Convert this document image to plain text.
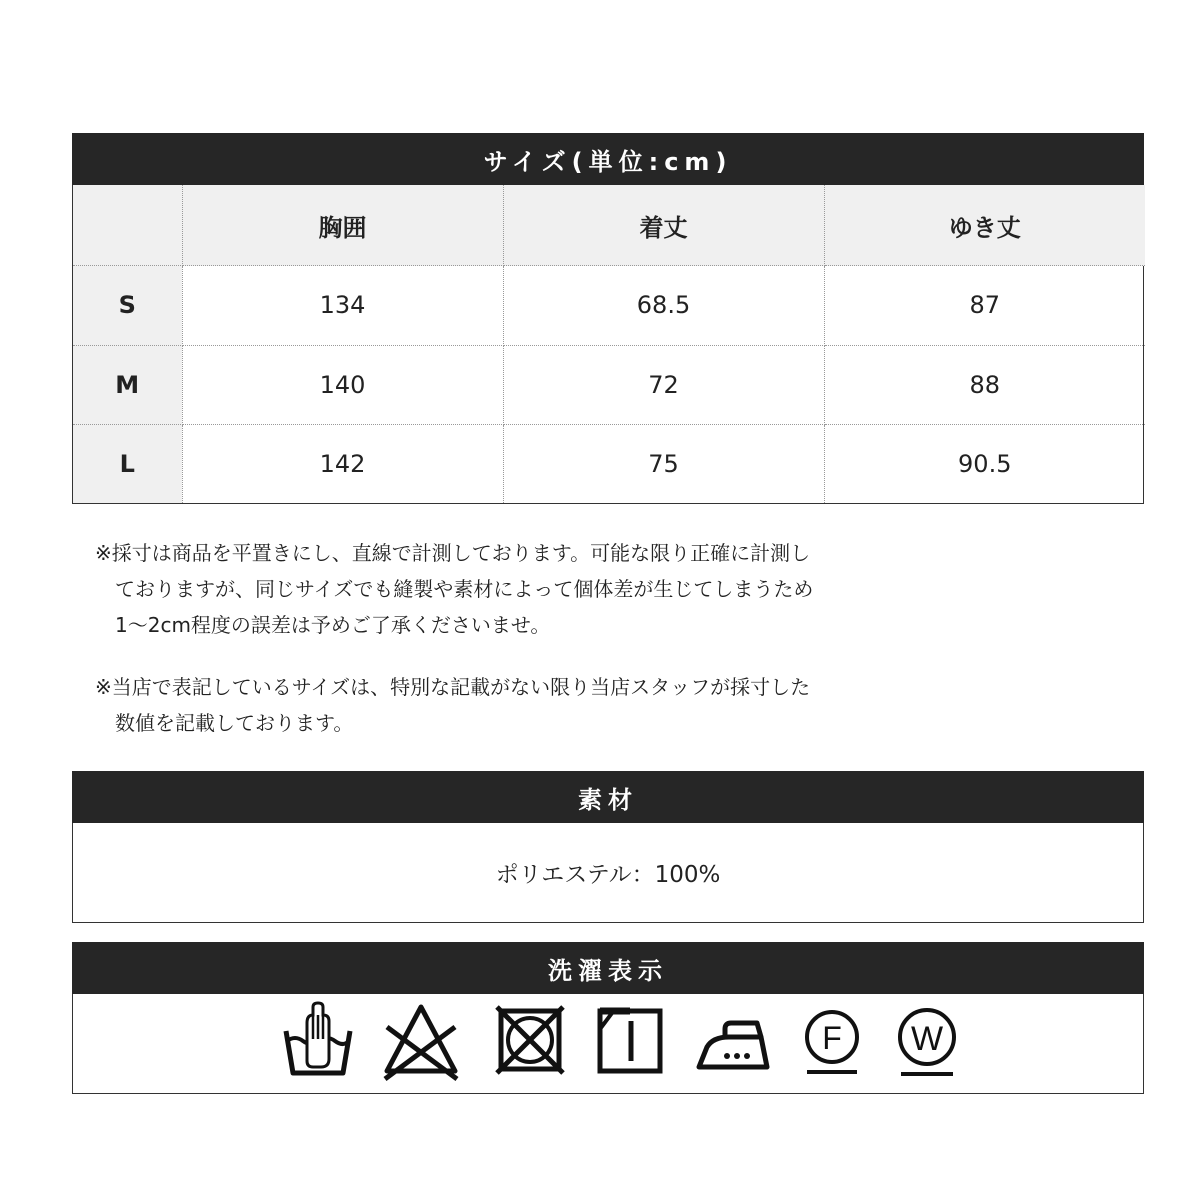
サイズ(単位:cm)
	胸囲	着丈	ゆき丈
S	134	68.5	87
M	140	72	88
L	142	75	90.5

※採寸は商品を平置きにし、直線で計測しております。可能な限り正確に計測し

　ておりますが、同じサイズでも縫製や素材によって個体差が生じてしまうため

　1〜2cm程度の誤差は予めご了承くださいませ。

※当店で表記しているサイズは、特別な記載がない限り当店スタッフが採寸した

　数値を記載しております。

素材
ポリエステル：100%
洗濯表示
F W
